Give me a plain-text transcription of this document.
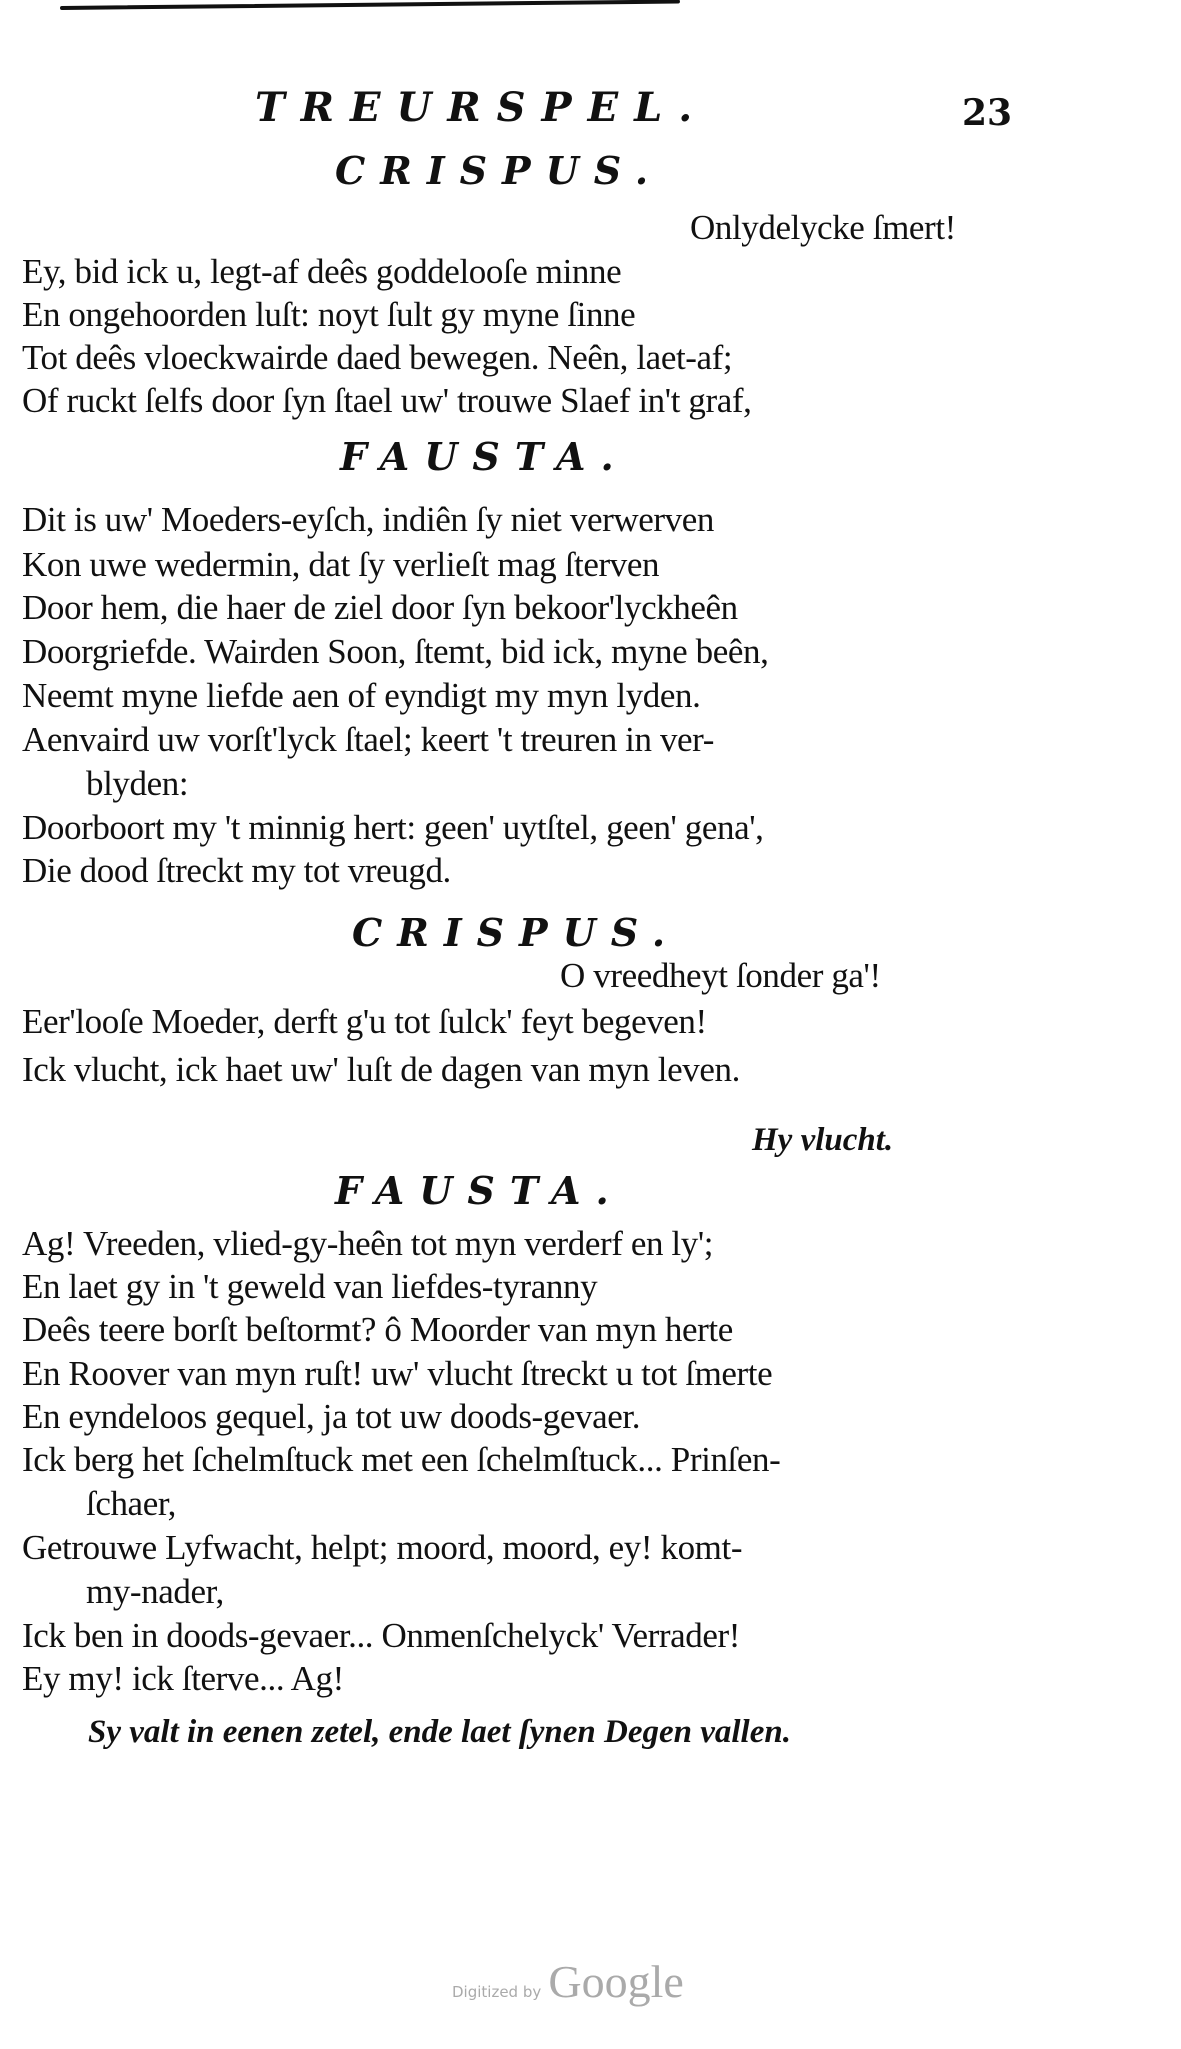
TREURSPEL.	23
CRISPUS.
Onlydelycke ſmert!
Ey, bid ick u, legt-af deês goddelooſe minne
En ongehoorden luſt: noyt ſult gy myne ſinne
Tot deês vloeckwairde daed bewegen. Neên, laet-af;
Of ruckt ſelfs door ſyn ſtael uw' trouwe Slaef in't graf,
FAUSTA.
Dit is uw' Moeders-eyſch, indiên ſy niet verwerven
Kon uwe wedermin, dat ſy verlieſt mag ſterven
Door hem, die haer de ziel door ſyn bekoor'lyckheên
Doorgriefde. Wairden Soon, ſtemt, bid ick, myne beên,
Neemt myne liefde aen of eyndigt my myn lyden.
Aenvaird uw vorſt'lyck ſtael; keert 't treuren in ver-
blyden:
Doorboort my 't minnig hert: geen' uytſtel, geen' gena',
Die dood ſtreckt my tot vreugd.
CRISPUS.
O vreedheyt ſonder ga'!
Eer'looſe Moeder, derft g'u tot ſulck' feyt begeven!
Ick vlucht, ick haet uw' luſt de dagen van myn leven.
Hy vlucht.
FAUSTA.
Ag! Vreeden, vlied-gy-heên tot myn verderf en ly';
En laet gy in 't geweld van liefdes-tyranny
Deês teere borſt beſtormt? ô Moorder van myn herte
En Roover van myn ruſt! uw' vlucht ſtreckt u tot ſmerte
En eyndeloos gequel, ja tot uw doods-gevaer.
Ick berg het ſchelmſtuck met een ſchelmſtuck... Prinſen-
ſchaer,
Getrouwe Lyfwacht, helpt; moord, moord, ey! komt-
my-nader,
Ick ben in doods-gevaer... Onmenſchelyck' Verrader!
Ey my! ick ſterve... Ag!
Sy valt in eenen zetel, ende laet ſynen Degen vallen.
Digitized by Google
